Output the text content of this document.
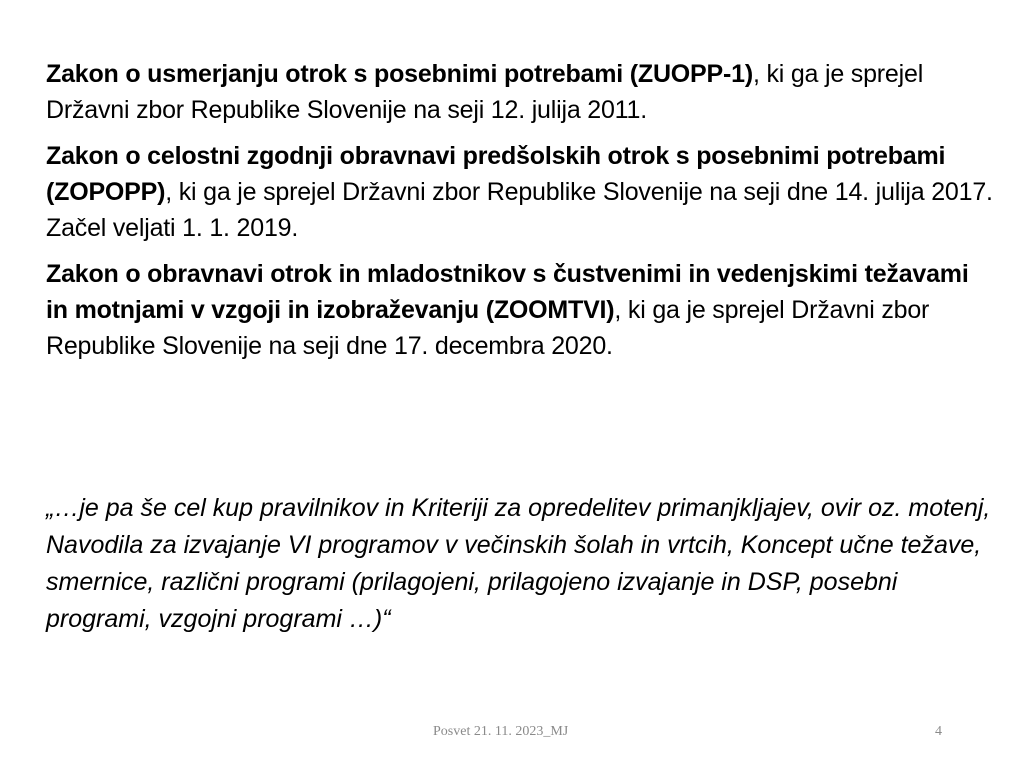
Zakon o usmerjanju otrok s posebnimi potrebami (ZUOPP-1), ki ga je sprejel Državni zbor Republike Slovenije na seji 12. julija 2011.

Zakon o celostni zgodnji obravnavi predšolskih otrok s posebnimi potrebami (ZOPOPP), ki ga je sprejel Državni zbor Republike Slovenije na seji dne 14. julija 2017. Začel veljati 1. 1. 2019.

Zakon o obravnavi otrok in mladostnikov s čustvenimi in vedenjskimi težavami in motnjami v vzgoji in izobraževanju (ZOOMTVI), ki ga je sprejel Državni zbor Republike Slovenije na seji dne 17. decembra 2020.

„…je pa še cel kup pravilnikov in Kriteriji za opredelitev primanjkljajev, ovir oz. motenj, Navodila za izvajanje VI programov v večinskih šolah in vrtcih, Koncept učne težave, smernice, različni programi (prilagojeni, prilagojeno izvajanje in DSP, posebni programi, vzgojni programi …)“

Posvet 21. 11. 2023_MJ	4
